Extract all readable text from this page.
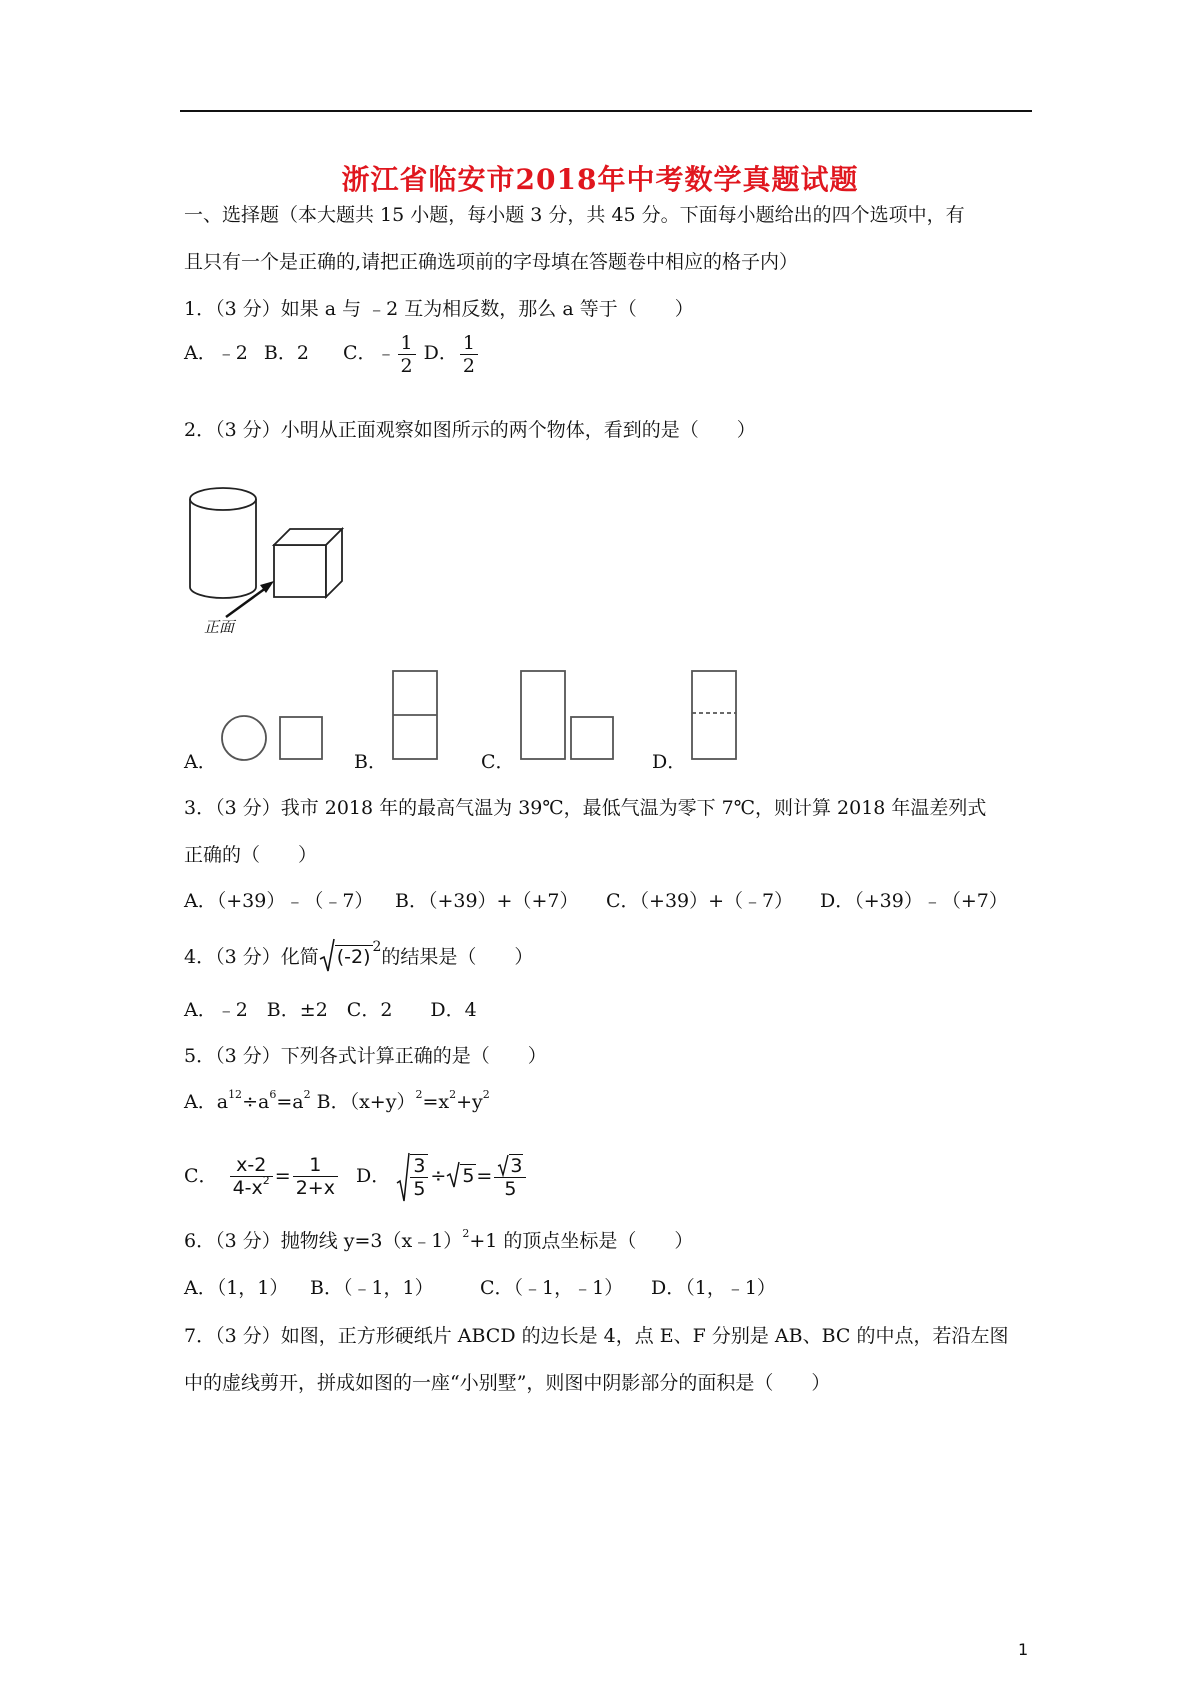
浙江省临安市2018年中考数学真题试题
一、选择题（本大题共 15 小题，每小题 3 分，共 45 分。下面每小题给出的四个选项中，有
且只有一个是正确的,请把正确选项前的字母填在答题卷中相应的格子内）
1．（3 分）如果 a 与 ﹣2 互为相反数，那么 a 等于（　　）
A．﹣2 B．2 C．﹣ $\frac{1}{2}$ D． $\frac{1}{2}$
2．（3 分）小明从正面观察如图所示的两个物体，看到的是（　　）
正面
A．	B．	C．	D．
3．（3 分）我市 2018 年的最高气温为 39℃，最低气温为零下 7℃，则计算 2018 年温差列式
正确的（　　）
A．（+39）﹣（﹣7） B．（+39）+（+7） C．（+39）+（﹣7） D．（+39）﹣（+7）
4．（3 分）化简 (-2) $^2$的结果是（　　）
A．﹣2　B．±2　C．2　　D．4
5．（3 分）下列各式计算正确的是（　　）
A．$a^{12}\div a^6=a^2$ B．$(x+y)^2=x^2+y^2$
C． $\frac{x-2}{4-x^2} = \frac{1}{2+x}$ D． $\frac{3}{5} \div 5 = \frac{3}{5}$
6．（3 分）抛物线 y=3（x﹣1）$^2$+1 的顶点坐标是（　　）
A．（1，1） B．（﹣1，1） C．（﹣1，﹣1） D．（1，﹣1）
7．（3 分）如图，正方形硬纸片 ABCD 的边长是 4，点 E、F 分别是 AB、BC 的中点，若沿左图
中的虚线剪开，拼成如图的一座“小别墅”，则图中阴影部分的面积是（　　）
1
